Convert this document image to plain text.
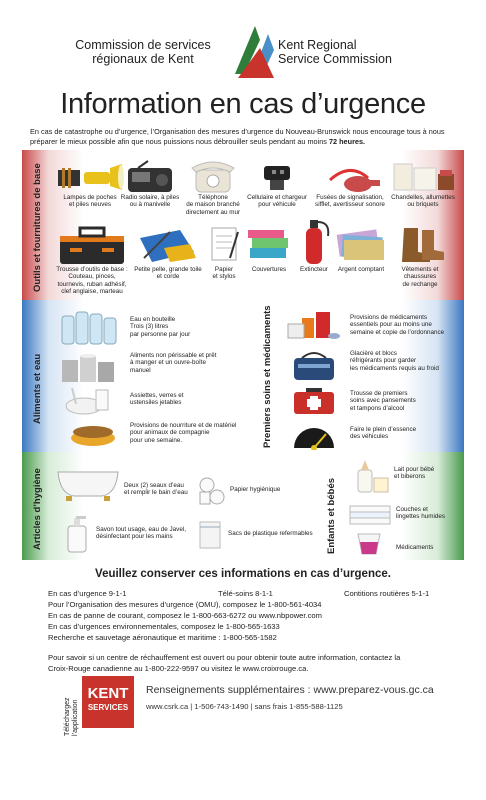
Commission de services
régionaux de Kent
Kent Regional
Service Commission
Information en cas d’urgence
En cas de catastrophe ou d’urgence, l’Organisation des mesures d’urgence du Nouveau-Brunswick nous encourage tous à nous préparer le mieux possible afin que nous puissions nous débrouiller seuls pendant au moins 72 heures.
Outils et fournitures de base
Aliments et eau	Premiers soins et médicaments
Articles d’hygiène	Enfants et bébés
Lampes de poches
et piles neuves
Radio solaire, à piles
ou à manivelle
Téléphone
de maison branché
directement au mur
Cellulaire et chargeur
pour véhicule
Fusées de signalisation,
sifflet, avertisseur sonore
Chandelles, allumettes
ou briquets
Trousse d’outils de base :
Couteau, pinces,
tournevis, ruban adhésif,
clef anglaise, marteau
Petite pelle, grande toile
et corde
Papier
et stylos
Couvertures	Extincteur	Argent comptant	Vêtements et
chaussures
de rechange
Eau en bouteille
Trois (3) litres
par personne par jour
Aliments non périssable et prêt
à manger et un ouvre-boîte
manuel
Assiettes, verres et
ustensiles jetables
Provisions de nourriture et de matériel
pour animaux de compagnie
pour une semaine.
Provisions de médicaments
essentiels pour au moins une
semaine et copie de l’ordonnance
Glacière et blocs
réfrigérants pour garder
les médicaments requis au froid
Trousse de premiers
soins avec pansements
et tampons d’alcool
Faire le plein d’essence
des véhicules
Deux (2) seaux d’eau
et remplir le bain d’eau	Papier hygiénique
Savon tout usage, eau de Javel,
désinfectant pour les mains	Sacs de plastique refermables
Lait pour bébé
et biberons
Couches et
lingettes humides
Médicaments
Veuillez conserver ces informations en cas d’urgence.
En cas d’urgence 9-1-1	Télé-soins 8-1-1	Contitions routières 5-1-1
Pour l’Organisation des mesures d’urgence (OMU), composez le 1-800-561-4034
En cas de panne de courant, composez le 1-800-663-6272 ou www.nbpower.com
En cas d’urgences environnementales, composez le 1-800-565-1633
Recherche et sauvetage aéronautique et maritime : 1-800-565-1582
Pour savoir si un centre de réchauffement est ouvert ou pour obtenir toute autre information, contactez la
Croix-Rouge canadienne au 1-800-222-9597 ou visitez le www.croixrouge.ca.
Téléchargez l’application
KENT
SERVICES
Renseignements supplémentaires : www.preparez-vous.gc.ca
www.csrk.ca | 1-506-743-1490 | sans frais 1-855-588-1125
